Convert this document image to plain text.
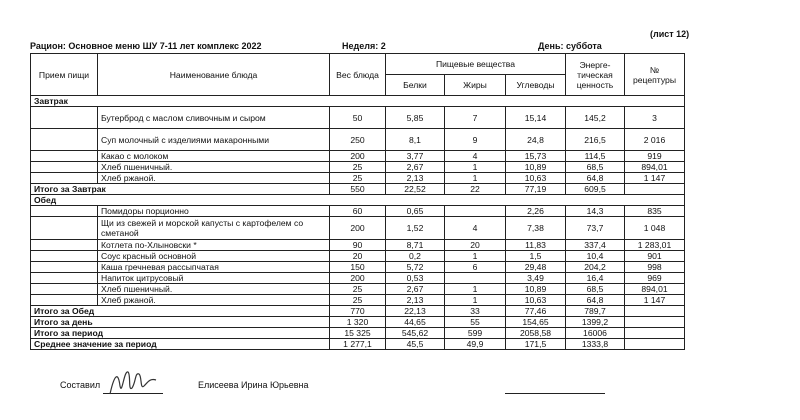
(лист 12)
Рацион: Основное меню ШУ 7-11 лет комплекс 2022	Неделя: 2	День: суббота
Прием пищи	Наименование блюда	Вес блюда	Пищевые вещества			Энерге-тическая ценность	№ рецептуры
			Белки	Жиры	Углеводы		
Завтрак							
	Бутерброд с маслом сливочным и сыром	50	5,85	7	15,14	145,2	3
	Суп молочный с изделиями макаронными	250	8,1	9	24,8	216,5	2 016
	Какао с молоком	200	3,77	4	15,73	114,5	919
	Хлеб пшеничный.	25	2,67	1	10,89	68,5	894,01
	Хлеб ржаной.	25	2,13	1	10,63	64,8	1 147
Итого за Завтрак		550	22,52	22	77,19	609,5	
Обед							
	Помидоры порционно	60	0,65		2,26	14,3	835
	Щи из свежей и морской капусты с картофелем со сметаной	200	1,52	4	7,38	73,7	1 048
	Котлета по-Хлыновски *	90	8,71	20	11,83	337,4	1 283,01
	Соус красный основной	20	0,2	1	1,5	10,4	901
	Каша гречневая рассыпчатая	150	5,72	6	29,48	204,2	998
	Напиток цитрусовый	200	0,53		3,49	16,4	969
	Хлеб пшеничный.	25	2,67	1	10,89	68,5	894,01
	Хлеб ржаной.	25	2,13	1	10,63	64,8	1 147
Итого за Обед		770	22,13	33	77,46	789,7	
Итого за день		1 320	44,65	55	154,65	1399,2	
Итого за период		15 325	545,62	599	2058,58	16006	
Среднее значение за период		1 277,1	45,5	49,9	171,5	1333,8	
Составил	Елисеева Ирина Юрьевна
